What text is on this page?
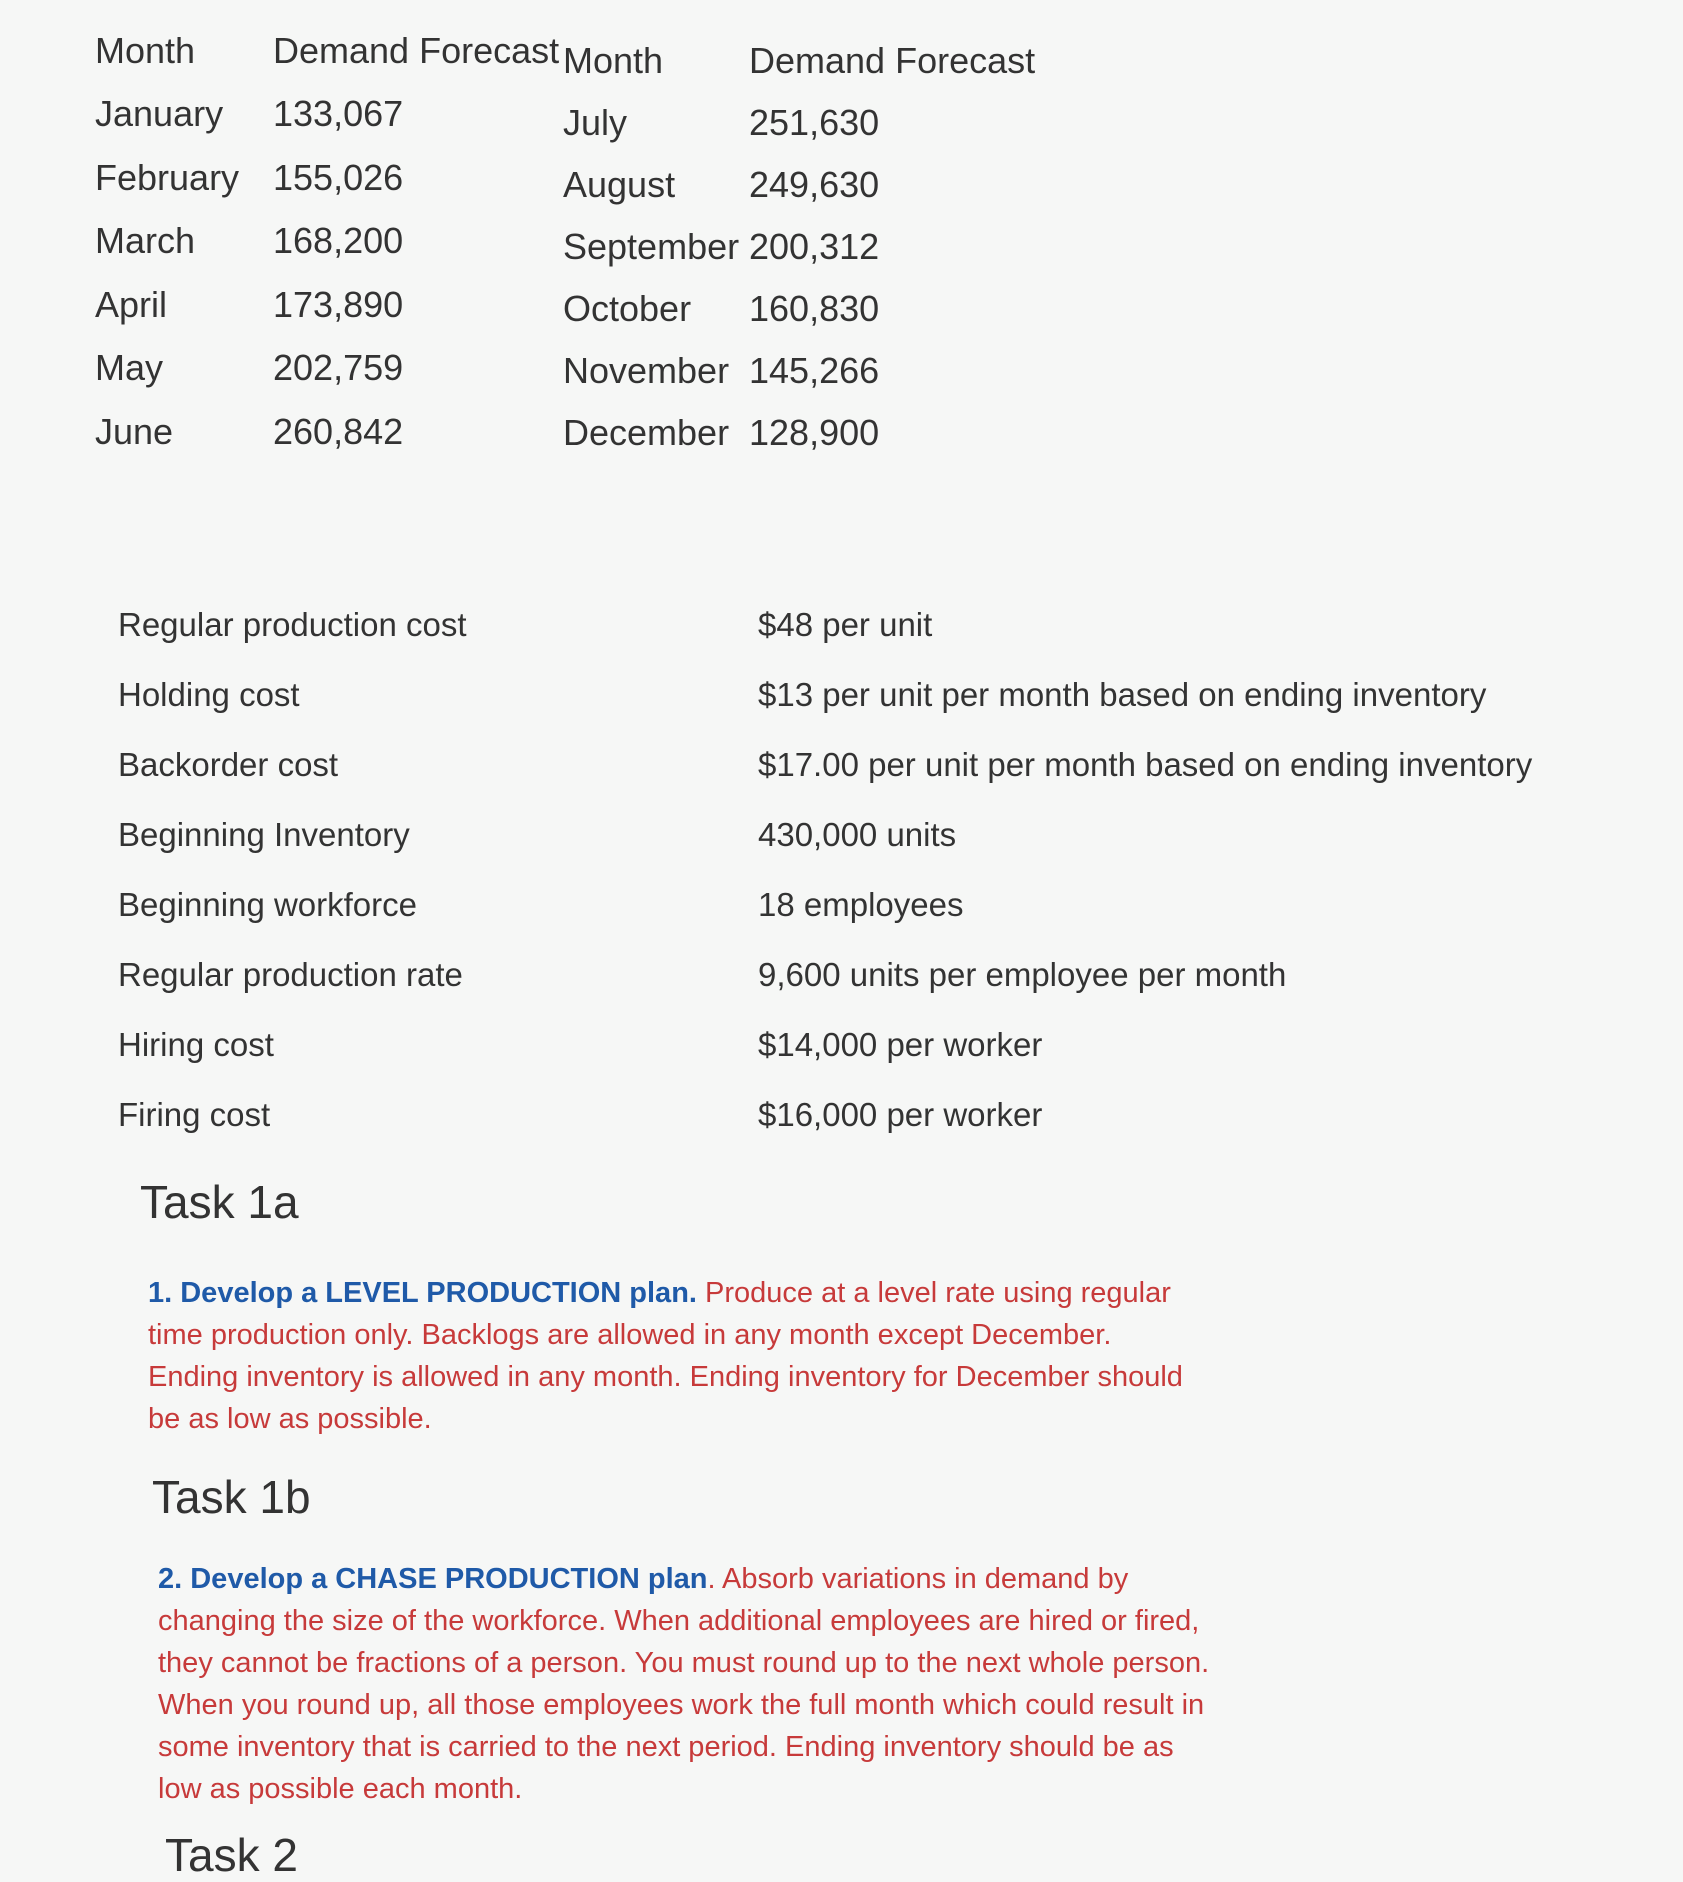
Month	Demand Forecast
January	133,067
February 155,026
March	168,200
April	173,890
May	202,759
June	260,842
Month	Demand Forecast
July	251,630
August	249,630
September 200,312
October	160,830
November 145,266
December 128,900
Regular production cost	$48 per unit
Holding cost	$13 per unit per month based on ending inventory
Backorder cost	$17.00 per unit per month based on ending inventory
Beginning Inventory	430,000 units
Beginning workforce	18 employees
Regular production rate	9,600 units per employee per month
Hiring cost	$14,000 per worker
Firing cost	$16,000 per worker
Task 1a
1. Develop a LEVEL PRODUCTION plan. Produce at a level rate using regular time production only. Backlogs are allowed in any month except December. Ending inventory is allowed in any month. Ending inventory for December should be as low as possible.
Task 1b
2. Develop a CHASE PRODUCTION plan. Absorb variations in demand by changing the size of the workforce. When additional employees are hired or fired, they cannot be fractions of a person. You must round up to the next whole person. When you round up, all those employees work the full month which could result in some inventory that is carried to the next period. Ending inventory should be as low as possible each month.
Task 2
